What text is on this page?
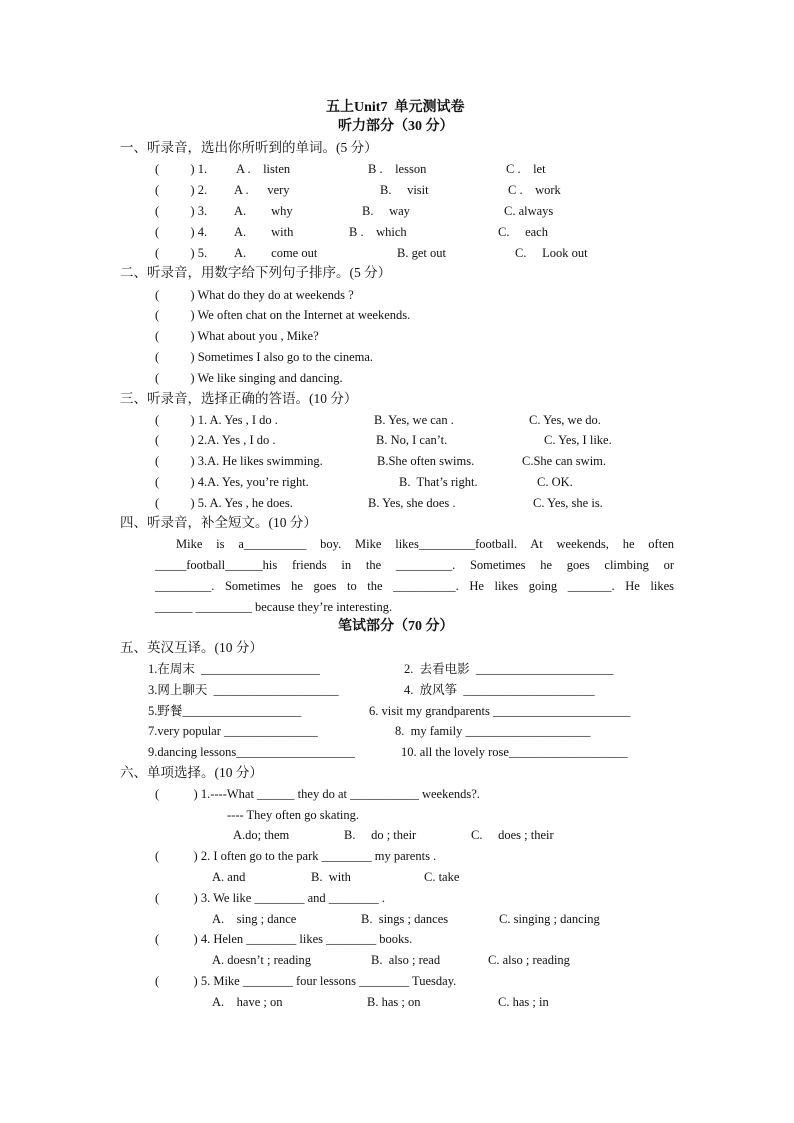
五上Unit7  单元测试卷
听力部分（30 分）
一、听录音，选出你所听到的单词。(5 分）
(          ) 1. A .    listen	B .    lesson	C .    let
(          ) 2. A .      very	B.     visit	C .    work
(          ) 3. A.        why	B.     way	C. always
(          ) 4. A.        with	B .    which	C.     each
(          ) 5. A.        come out	B. get out	C.     Look out
二、听录音，用数字给下列句子排序。(5 分）
(          ) What do they do at weekends ?
(          ) We often chat on the Internet at weekends.
(          ) What about you , Mike?
(          ) Sometimes I also go to the cinema.
(          ) We like singing and dancing.
三、听录音，选择正确的答语。(10 分）
(          ) 1. A. Yes , I do .	B. Yes, we can .	C. Yes, we do.
(          ) 2.A. Yes , I do .	B. No, I can’t.	C. Yes, I like.
(          ) 3.A. He likes swimming.	B.She often swims.	C.She can swim.
(          ) 4.A. Yes, you’re right.	B.  That’s right.	C. OK.
(          ) 5. A. Yes , he does.	B. Yes, she does .	C. Yes, she is.
四、听录音，补全短文。(10 分）
Mike is a__________ boy. Mike likes_________football. At weekends, he often
_____football______his friends in the _________. Sometimes he goes climbing or
_________. Sometimes he goes to the __________. He likes going _______. He likes
______ _________ because they’re interesting.
笔试部分（70 分）
五、英汉互译。(10 分）
1.在周末  ___________________	2.  去看电影  ______________________
3.网上聊天  ____________________	4.  放风筝  _____________________
5.野餐___________________	6. visit my grandparents ______________________
7.very popular _______________	8.  my family ____________________
9.dancing lessons___________________	10. all the lovely rose___________________
六、单项选择。(10 分）
(           ) 1.----What ______ they do at ___________ weekends?.
---- They often go skating.
A.do; them	B.     do ; their	C.     does ; their
(           ) 2. I often go to the park ________ my parents .
A. and	B.  with	C. take
(           ) 3. We like ________ and ________ .
A.    sing ; dance	B.  sings ; dances	C. singing ; dancing
(           ) 4. Helen ________ likes ________ books.
A. doesn’t ; reading	B.  also ; read	C. also ; reading
(           ) 5. Mike ________ four lessons ________ Tuesday.
A.    have ; on	B. has ; on	C. has ; in
